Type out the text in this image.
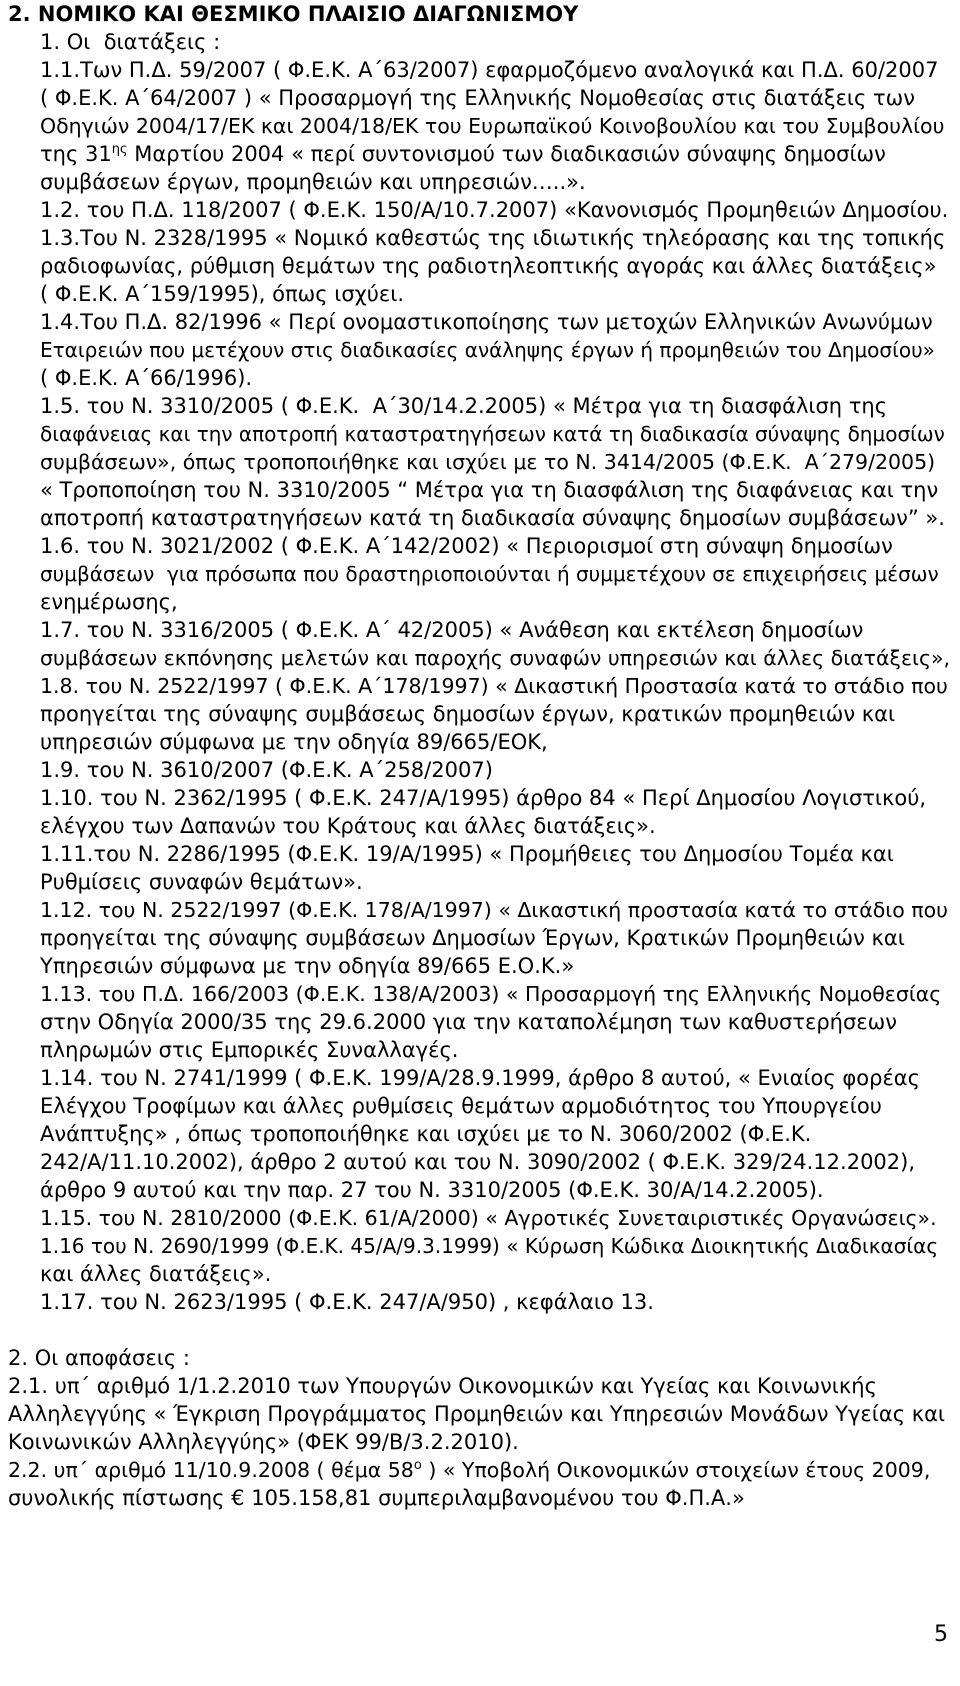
2. ΝΟΜΙΚΟ ΚΑΙ ΘΕΣΜΙΚΟ ΠΛΑΙΣΙΟ ΔΙΑΓΩΝΙΣΜΟΥ
1. Οι  διατάξεις :
1.1.Των Π.Δ. 59/2007 ( Φ.Ε.Κ. Α΄63/2007) εφαρμοζόμενο αναλογικά και Π.Δ. 60/2007
( Φ.Ε.Κ. Α΄64/2007 ) « Προσαρμογή της Ελληνικής Νομοθεσίας στις διατάξεις των
Οδηγιών 2004/17/ΕΚ και 2004/18/ΕΚ του Ευρωπαϊκού Κοινοβουλίου και του Συμβουλίου
της $31^{\eta\varsigma}$ Μαρτίου 2004 « περί συντονισμού των διαδικασιών σύναψης δημοσίων
συμβάσεων έργων, προμηθειών και υπηρεσιών…..».
1.2. του Π.Δ. 118/2007 ( Φ.Ε.Κ. 150/Α/10.7.2007) «Κανονισμός Προμηθειών Δημοσίου.
1.3.Του Ν. 2328/1995 « Νομικό καθεστώς της ιδιωτικής τηλεόρασης και της τοπικής
ραδιοφωνίας, ρύθμιση θεμάτων της ραδιοτηλεοπτικής αγοράς και άλλες διατάξεις»
( Φ.Ε.Κ. Α΄159/1995), όπως ισχύει.
1.4.Του Π.Δ. 82/1996 « Περί ονομαστικοποίησης των μετοχών Ελληνικών Ανωνύμων
Εταιρειών που μετέχουν στις διαδικασίες ανάληψης έργων ή προμηθειών του Δημοσίου»
( Φ.Ε.Κ. Α΄66/1996).
1.5. του Ν. 3310/2005 ( Φ.Ε.Κ.  Α΄30/14.2.2005) « Μέτρα για τη διασφάλιση της
διαφάνειας και την αποτροπή καταστρατηγήσεων κατά τη διαδικασία σύναψης δημοσίων
συμβάσεων», όπως τροποποιήθηκε και ισχύει με το Ν. 3414/2005 (Φ.Ε.Κ.  Α΄279/2005)
« Τροποποίηση του Ν. 3310/2005 “ Μέτρα για τη διασφάλιση της διαφάνειας και την
αποτροπή καταστρατηγήσεων κατά τη διαδικασία σύναψης δημοσίων συμβάσεων” ».
1.6. του Ν. 3021/2002 ( Φ.Ε.Κ. Α΄142/2002) « Περιορισμοί στη σύναψη δημοσίων
συμβάσεων  για πρόσωπα που δραστηριοποιούνται ή συμμετέχουν σε επιχειρήσεις μέσων
ενημέρωσης,
1.7. του Ν. 3316/2005 ( Φ.Ε.Κ. Α΄ 42/2005) « Ανάθεση και εκτέλεση δημοσίων
συμβάσεων εκπόνησης μελετών και παροχής συναφών υπηρεσιών και άλλες διατάξεις»,
1.8. του Ν. 2522/1997 ( Φ.Ε.Κ. Α΄178/1997) « Δικαστική Προστασία κατά το στάδιο που
προηγείται της σύναψης συμβάσεως δημοσίων έργων, κρατικών προμηθειών και
υπηρεσιών σύμφωνα με την οδηγία 89/665/ΕΟΚ,
1.9. του Ν. 3610/2007 (Φ.Ε.Κ. Α΄258/2007)
1.10. του Ν. 2362/1995 ( Φ.Ε.Κ. 247/Α/1995) άρθρο 84 « Περί Δημοσίου Λογιστικού,
ελέγχου των Δαπανών του Κράτους και άλλες διατάξεις».
1.11.του Ν. 2286/1995 (Φ.Ε.Κ. 19/Α/1995) « Προμήθειες του Δημοσίου Τομέα και
Ρυθμίσεις συναφών θεμάτων».
1.12. του Ν. 2522/1997 (Φ.Ε.Κ. 178/Α/1997) « Δικαστική προστασία κατά το στάδιο που
προηγείται της σύναψης συμβάσεων Δημοσίων Έργων, Κρατικών Προμηθειών και
Υπηρεσιών σύμφωνα με την οδηγία 89/665 Ε.Ο.Κ.»
1.13. του Π.Δ. 166/2003 (Φ.Ε.Κ. 138/Α/2003) « Προσαρμογή της Ελληνικής Νομοθεσίας
στην Οδηγία 2000/35 της 29.6.2000 για την καταπολέμηση των καθυστερήσεων
πληρωμών στις Εμπορικές Συναλλαγές.
1.14. του Ν. 2741/1999 ( Φ.Ε.Κ. 199/Α/28.9.1999, άρθρο 8 αυτού, « Ενιαίος φορέας
Ελέγχου Τροφίμων και άλλες ρυθμίσεις θεμάτων αρμοδιότητος του Υπουργείου
Ανάπτυξης» , όπως τροποποιήθηκε και ισχύει με το Ν. 3060/2002 (Φ.Ε.Κ.
242/Α/11.10.2002), άρθρο 2 αυτού και του Ν. 3090/2002 ( Φ.Ε.Κ. 329/24.12.2002),
άρθρο 9 αυτού και την παρ. 27 του Ν. 3310/2005 (Φ.Ε.Κ. 30/Α/14.2.2005).
1.15. του Ν. 2810/2000 (Φ.Ε.Κ. 61/Α/2000) « Αγροτικές Συνεταιριστικές Οργανώσεις».
1.16 του Ν. 2690/1999 (Φ.Ε.Κ. 45/Α/9.3.1999) « Κύρωση Κώδικα Διοικητικής Διαδικασίας
και άλλες διατάξεις».
1.17. του Ν. 2623/1995 ( Φ.Ε.Κ. 247/Α/950) , κεφάλαιο 13.
2. Οι αποφάσεις :
2.1. υπ΄ αριθμό 1/1.2.2010 των Υπουργών Οικονομικών και Υγείας και Κοινωνικής
Αλληλεγγύης « Έγκριση Προγράμματος Προμηθειών και Υπηρεσιών Μονάδων Υγείας και
Κοινωνικών Αλληλεγγύης» (ΦΕΚ 99/Β/3.2.2010).
2.2. υπ΄ αριθμό 11/10.9.2008 ( θέμα $58^o$ ) « Υποβολή Οικονομικών στοιχείων έτους 2009,
συνολικής πίστωσης € 105.158,81 συμπεριλαμβανομένου του Φ.Π.Α.»
5
